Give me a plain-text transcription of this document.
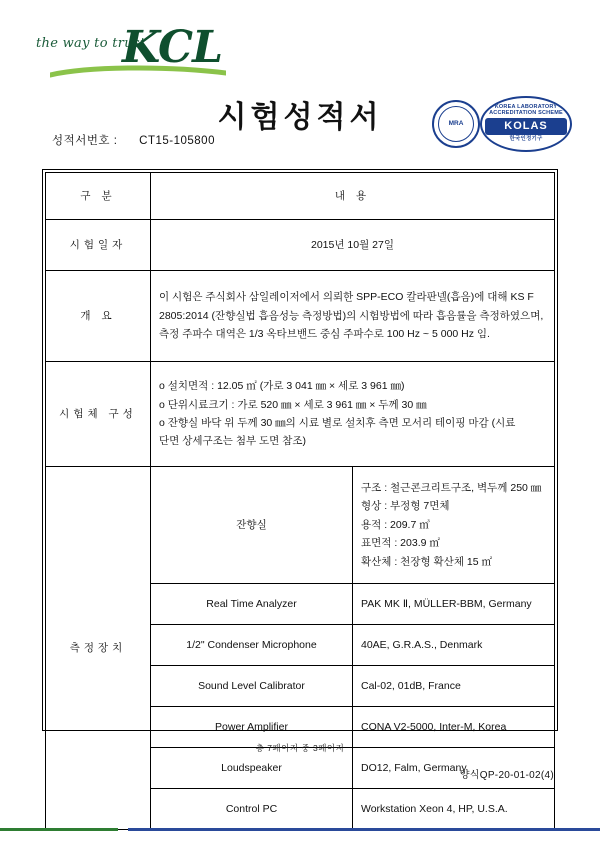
the way to trust
KCL
시험성적서	MRA
KOREA LABORATORY ACCREDITATION SCHEME
KOLAS
한국인정기구
성적서번호 : CT15-105800
구 분	내 용	
시험일자	2015년 10월 27일	
개 요	이 시험은 주식회사 삼일레이저에서 의뢰한 SPP-ECO 칼라판넬(흡음)에 대해 KS F
2805:2014 (잔향실법 흡음성능 측정방법)의 시험방법에 따라 흡음률을 측정하였으며,
측정 주파수 대역은 1/3 옥타브밴드 중심 주파수로 100 Hz ~ 5 000 Hz 임.	

시험체 구성	o 설치면적 : 12.05 ㎡ (가로 3 041 ㎜ × 세로 3 961 ㎜)
o 단위시료크기 : 가로 520 ㎜ × 세로 3 961 ㎜ × 두께 30 ㎜
o 잔향실 바닥 위 두께 30 ㎜의 시료 별로 설치후 측면 모서리 테이핑 마감 (시료
단면 상세구조는 첨부 도면 참조)	

측정장치	잔향실	구조 : 철근콘크리트구조, 벽두께 250 ㎜
형상 : 부정형 7면체
용적 : 209.7 ㎥
표면적 : 203.9 ㎡
확산체 : 천장형 확산체 15 ㎡

	Real Time Analyzer	PAK MK Ⅱ, MÜLLER-BBM, Germany
	1/2" Condenser Microphone	40AE, G.R.A.S., Denmark
	Sound Level Calibrator	Cal-02, 01dB, France
	Power Amplifier	CONA V2-5000, Inter-M, Korea
	Loudspeaker	DO12, Falm, Germany
	Control PC	Workstation Xeon 4, HP, U.S.A.
총 7페이지 중 3페이지
양식QP-20-01-02(4)
